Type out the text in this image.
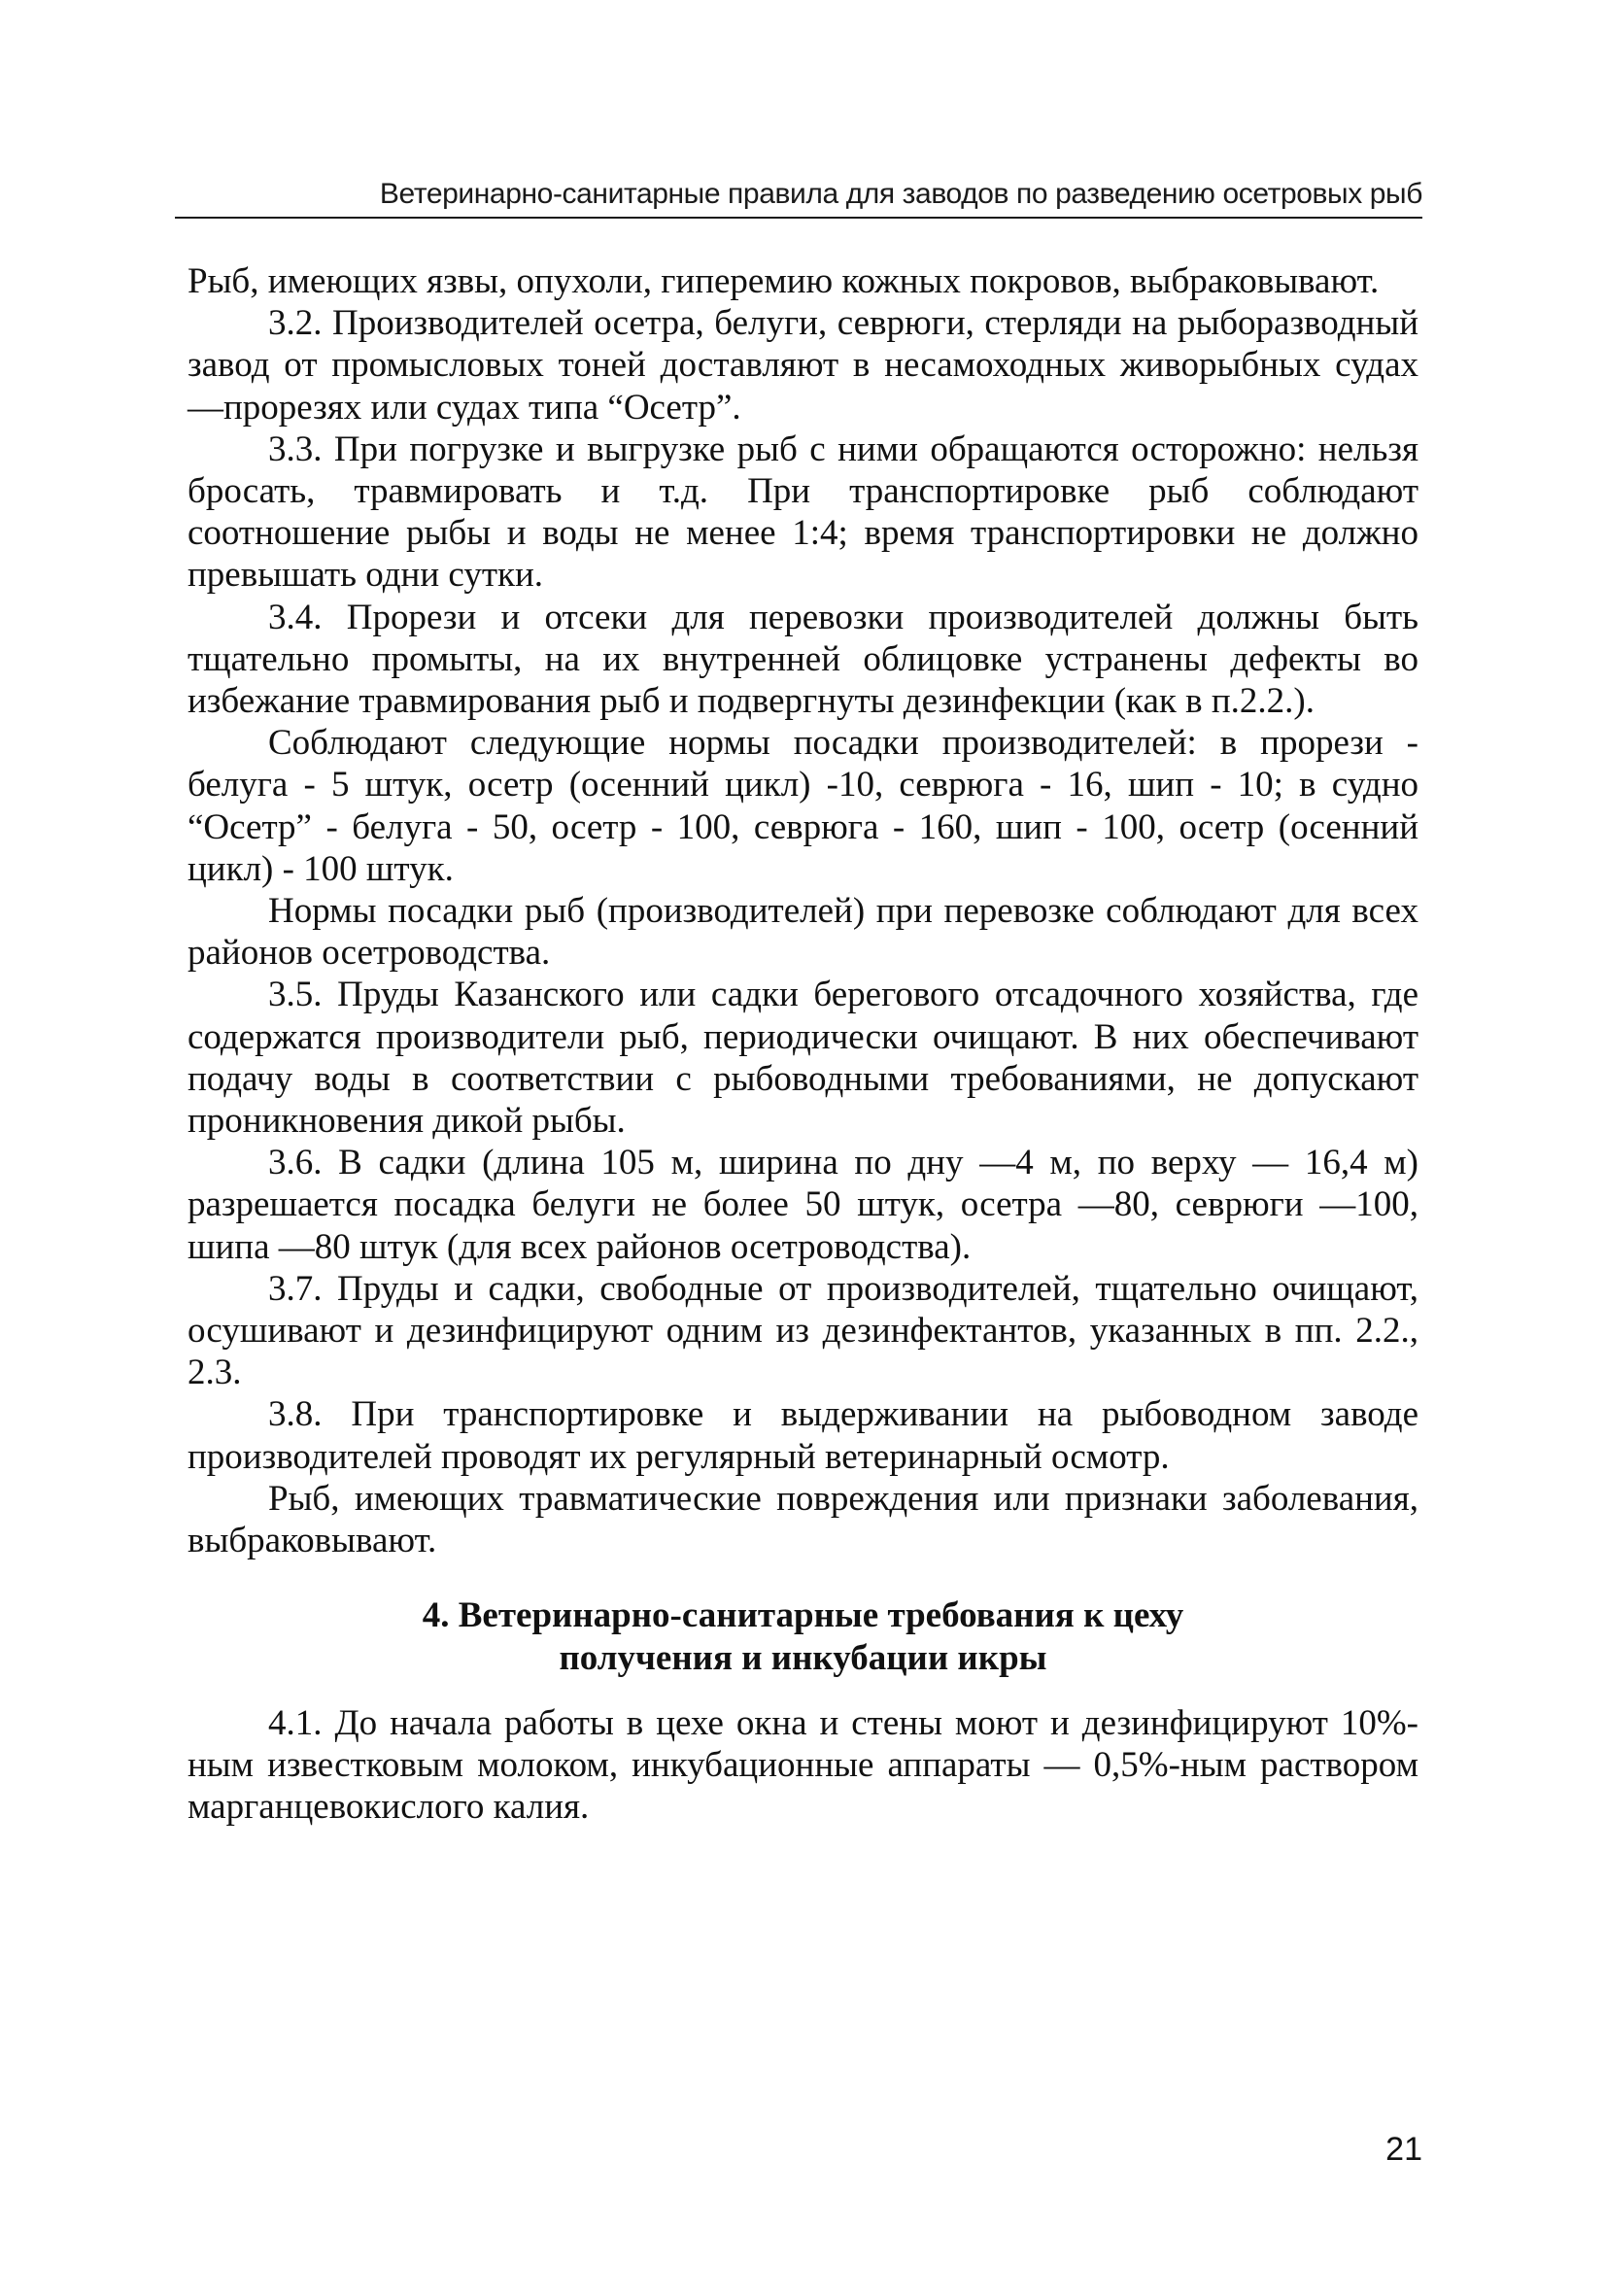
Ветеринарно-санитарные правила для заводов по разведению осетровых рыб

Рыб, имеющих язвы, опухоли, гиперемию кожных покровов, выбраковывают.

3.2. Производителей осетра, белуги, севрюги, стерляди на рыборазводный завод от промысловых тоней доставляют в несамоходных живорыбных судах —прорезях или судах типа “Осетр”.

3.3. При погрузке и выгрузке рыб с ними обращаются осторожно: нельзя бросать, травмировать и т.д. При транспортировке рыб соблюдают соотношение рыбы и воды не менее 1:4; время транспортировки не должно превышать одни сутки.

3.4. Прорези и отсеки для перевозки производителей должны быть тщательно промыты, на их внутренней облицовке устранены дефекты во избежание травмирования рыб и подвергнуты дезинфекции (как в п.2.2.).

Соблюдают следующие нормы посадки производителей: в прорези - белуга - 5 штук, осетр (осенний цикл) -10, севрюга - 16, шип - 10; в судно “Осетр” - белуга - 50, осетр - 100, севрюга - 160, шип - 100, осетр (осенний цикл) - 100 штук.

Нормы посадки рыб (производителей) при перевозке соблюдают для всех районов осетроводства.

3.5. Пруды Казанского или садки берегового отсадочного хозяйства, где содержатся производители рыб, периодически очищают. В них обеспечивают подачу воды в соответствии с рыбоводными требованиями, не допускают проникновения дикой рыбы.

3.6. В садки (длина 105 м, ширина по дну —4 м, по верху — 16,4 м) разрешается посадка белуги не более 50 штук, осетра —80, севрюги —100, шипа —80 штук (для всех районов осетроводства).

3.7. Пруды и садки, свободные от производителей, тщательно очищают, осушивают и дезинфицируют одним из дезинфектантов, указанных в пп. 2.2., 2.3.

3.8. При транспортировке и выдерживании на рыбоводном заводе производителей проводят их регулярный ветеринарный осмотр.

Рыб, имеющих травматические повреждения или признаки заболевания, выбраковывают.

4. Ветеринарно-санитарные требования к цеху
получения и инкубации икры

4.1. До начала работы в цехе окна и стены моют и дезинфицируют 10%-ным известковым молоком, инкубационные аппараты — 0,5%-ным раствором марганцевокислого калия.

21
